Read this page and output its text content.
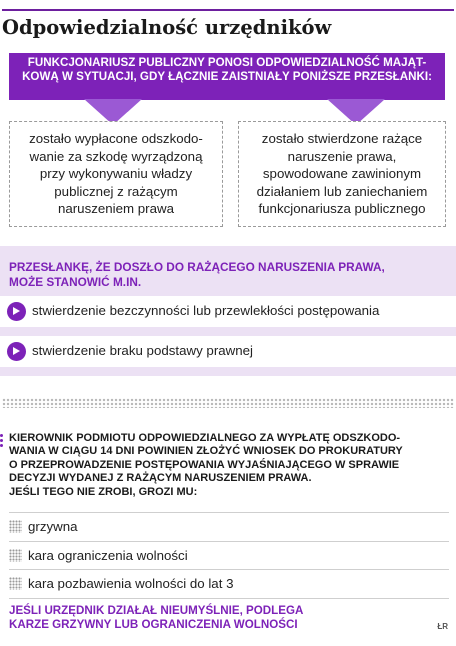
Odpowiedzialność urzędników
FUNKCJONARIUSZ PUBLICZNY PONOSI ODPOWIEDZIALNOŚĆ MAJĄT-
KOWĄ W SYTUACJI, GDY ŁĄCZNIE ZAISTNIAŁY PONIŻSZE PRZESŁANKI:
zostało wypłacone odszkodo-
wanie za szkodę wyrządzoną
przy wykonywaniu władzy
publicznej z rażącym
naruszeniem prawa
zostało stwierdzone rażące
naruszenie prawa,
spowodowane zawinionym
działaniem lub zaniechaniem
funkcjonariusza publicznego
PRZESŁANKĘ, ŻE DOSZŁO DO RAŻĄCEGO NARUSZENIA PRAWA,
MOŻE STANOWIĆ M.IN.
stwierdzenie bezczynności lub przewlekłości postępowania
stwierdzenie braku podstawy prawnej
KIEROWNIK PODMIOTU ODPOWIEDZIALNEGO ZA WYPŁATĘ ODSZKODO-
WANIA W CIĄGU 14 DNI POWINIEN ZŁOŻYĆ WNIOSEK DO PROKURATURY
O PRZEPROWADZENIE POSTĘPOWANIA WYJAŚNIAJĄCEGO W SPRAWIE
DECYZJI WYDANEJ Z RAŻĄCYM NARUSZENIEM PRAWA.
JEŚLI TEGO NIE ZROBI, GROZI MU:
grzywna
kara ograniczenia wolności
kara pozbawienia wolności do lat 3
JEŚLI URZĘDNIK DZIAŁAŁ NIEUMYŚLNIE, PODLEGA
KARZE GRZYWNY LUB OGRANICZENIA WOLNOŚCI	ŁR
